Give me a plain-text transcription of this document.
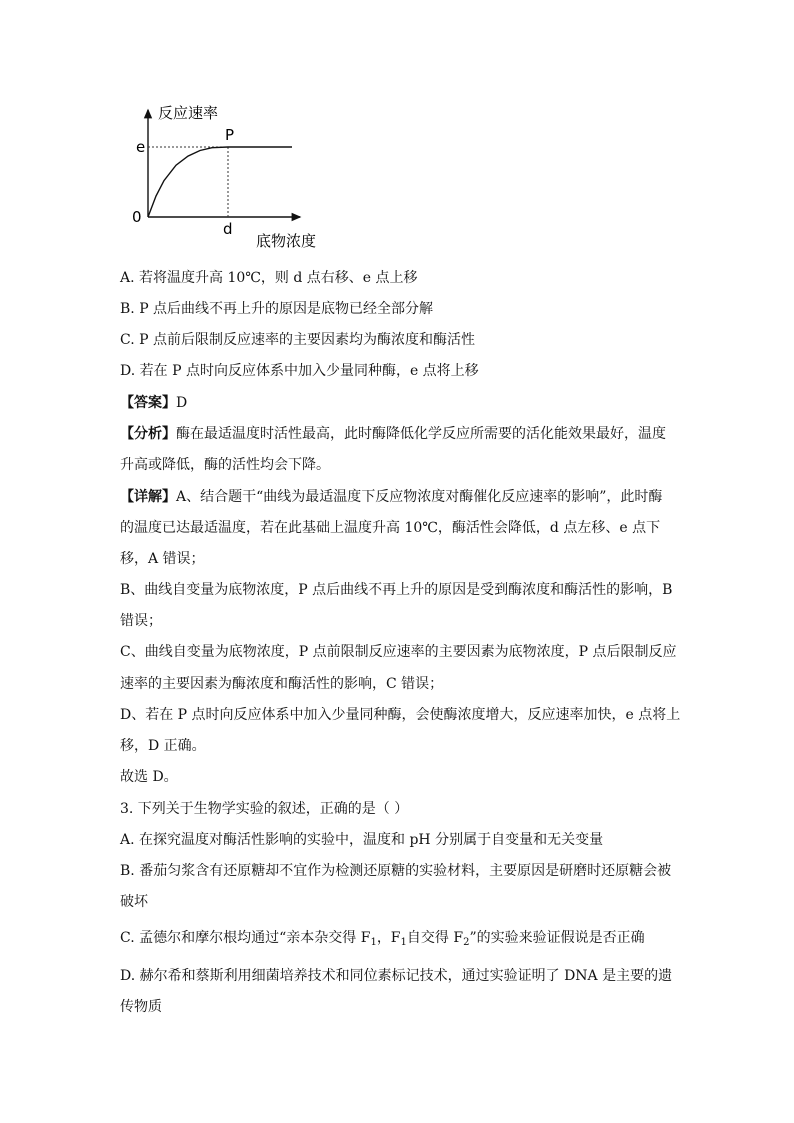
反应速率
底物浓度
0
e
d
P
A. 若将温度升高 10℃，则 d 点右移、e 点上移
B. P 点后曲线不再上升的原因是底物已经全部分解
C. P 点前后限制反应速率的主要因素均为酶浓度和酶活性
D. 若在 P 点时向反应体系中加入少量同种酶，e 点将上移
【答案】D
【分析】酶在最适温度时活性最高，此时酶降低化学反应所需要的活化能效果最好，温度
升高或降低，酶的活性均会下降。
【详解】A、结合题干“曲线为最适温度下反应物浓度对酶催化反应速率的影响”，此时酶
的温度已达最适温度，若在此基础上温度升高 10℃，酶活性会降低，d 点左移、e 点下
移，A 错误；
B、曲线自变量为底物浓度，P 点后曲线不再上升的原因是受到酶浓度和酶活性的影响，B
错误；
C、曲线自变量为底物浓度，P 点前限制反应速率的主要因素为底物浓度，P 点后限制反应
速率的主要因素为酶浓度和酶活性的影响，C 错误；
D、若在 P 点时向反应体系中加入少量同种酶，会使酶浓度增大，反应速率加快，e 点将上
移，D 正确。
故选 D。
3. 下列关于生物学实验的叙述，正确的是（ ）
A. 在探究温度对酶活性影响的实验中，温度和 pH 分别属于自变量和无关变量
B. 番茄匀浆含有还原糖却不宜作为检测还原糖的实验材料，主要原因是研磨时还原糖会被
破坏
C. 孟德尔和摩尔根均通过“亲本杂交得 $F_1$，$F_1$自交得 $F_2$”的实验来验证假说是否正确
D. 赫尔希和蔡斯利用细菌培养技术和同位素标记技术，通过实验证明了 DNA 是主要的遗
传物质
